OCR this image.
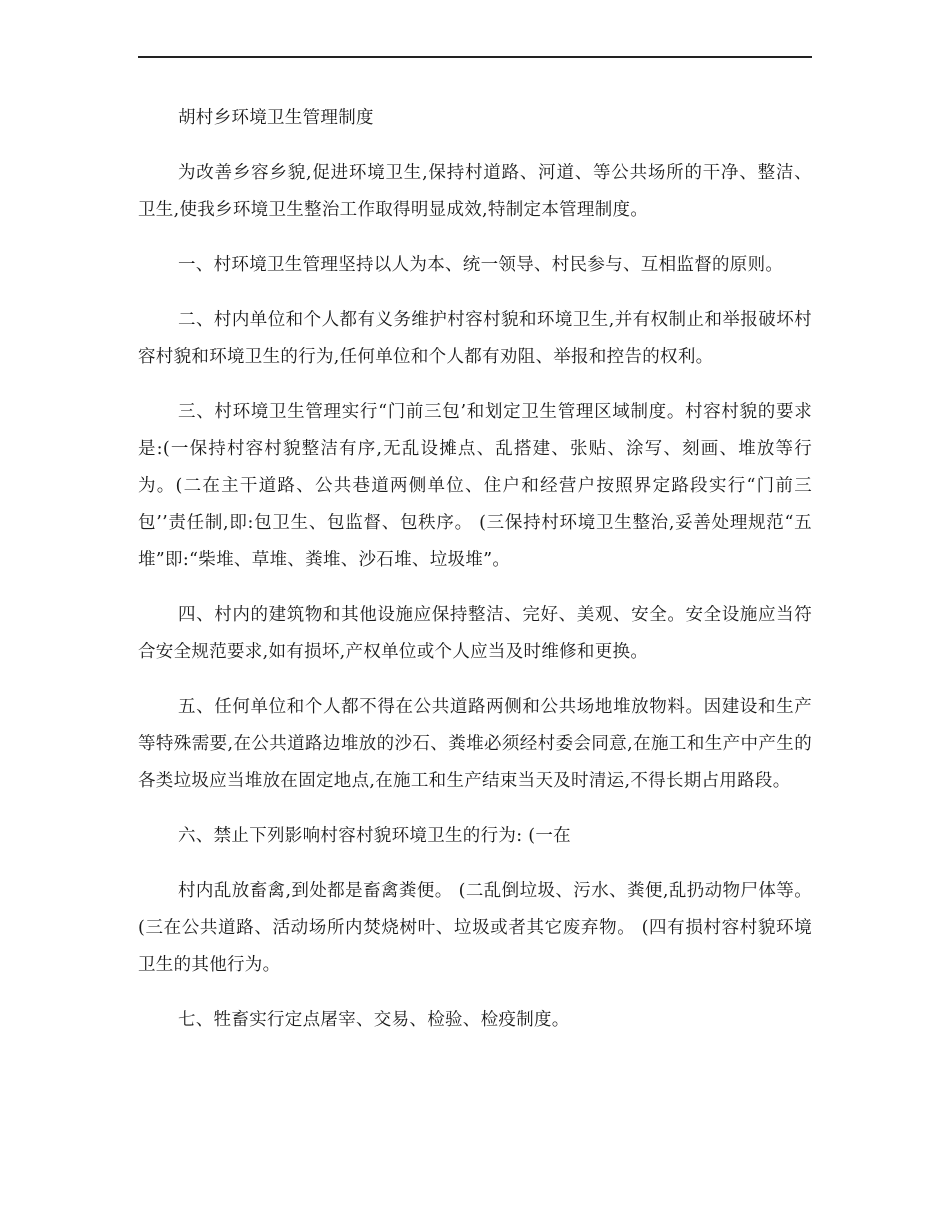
胡村乡环境卫生管理制度

为改善乡容乡貌,促进环境卫生,保持村道路、河道、等公共场所的干净、整洁、卫生,使我乡环境卫生整治工作取得明显成效,特制定本管理制度。

一、村环境卫生管理坚持以人为本、统一领导、村民参与、互相监督的原则。

二、村内单位和个人都有义务维护村容村貌和环境卫生,并有权制止和举报破坏村容村貌和环境卫生的行为,任何单位和个人都有劝阻、举报和控告的权利。

三、村环境卫生管理实行“门前三包’和划定卫生管理区域制度。村容村貌的要求是:(一保持村容村貌整洁有序,无乱设摊点、乱搭建、张贴、涂写、刻画、堆放等行为。(二在主干道路、公共巷道两侧单位、住户和经营户按照界定路段实行“门前三包’’责任制,即:包卫生、包监督、包秩序。 (三保持村环境卫生整治,妥善处理规范“五堆”即:“柴堆、草堆、粪堆、沙石堆、垃圾堆”。

四、村内的建筑物和其他设施应保持整洁、完好、美观、安全。安全设施应当符合安全规范要求,如有损坏,产权单位或个人应当及时维修和更换。

五、任何单位和个人都不得在公共道路两侧和公共场地堆放物料。因建设和生产等特殊需要,在公共道路边堆放的沙石、粪堆必须经村委会同意,在施工和生产中产生的各类垃圾应当堆放在固定地点,在施工和生产结束当天及时清运,不得长期占用路段。

六、禁止下列影响村容村貌环境卫生的行为: (一在

村内乱放畜禽,到处都是畜禽粪便。 (二乱倒垃圾、污水、粪便,乱扔动物尸体等。(三在公共道路、活动场所内焚烧树叶、垃圾或者其它废弃物。 (四有损村容村貌环境卫生的其他行为。

七、牲畜实行定点屠宰、交易、检验、检疫制度。
